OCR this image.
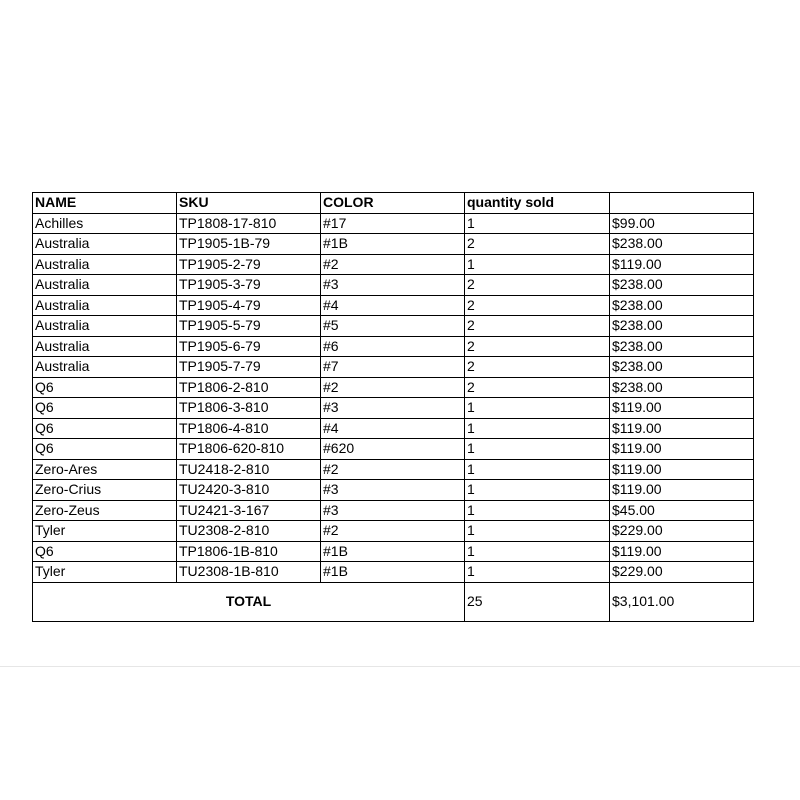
NAME	SKU	COLOR	quantity sold	
Achilles	TP1808-17-810	#17	1	$99.00
Australia	TP1905-1B-79	#1B	2	$238.00
Australia	TP1905-2-79	#2	1	$119.00
Australia	TP1905-3-79	#3	2	$238.00
Australia	TP1905-4-79	#4	2	$238.00
Australia	TP1905-5-79	#5	2	$238.00
Australia	TP1905-6-79	#6	2	$238.00
Australia	TP1905-7-79	#7	2	$238.00
Q6	TP1806-2-810	#2	2	$238.00
Q6	TP1806-3-810	#3	1	$119.00
Q6	TP1806-4-810	#4	1	$119.00
Q6	TP1806-620-810	#620	1	$119.00
Zero-Ares	TU2418-2-810	#2	1	$119.00
Zero-Crius	TU2420-3-810	#3	1	$119.00
Zero-Zeus	TU2421-3-167	#3	1	$45.00
Tyler	TU2308-2-810	#2	1	$229.00
Q6	TP1806-1B-810	#1B	1	$119.00
Tyler	TU2308-1B-810	#1B	1	$229.00
TOTAL			25	$3,101.00
